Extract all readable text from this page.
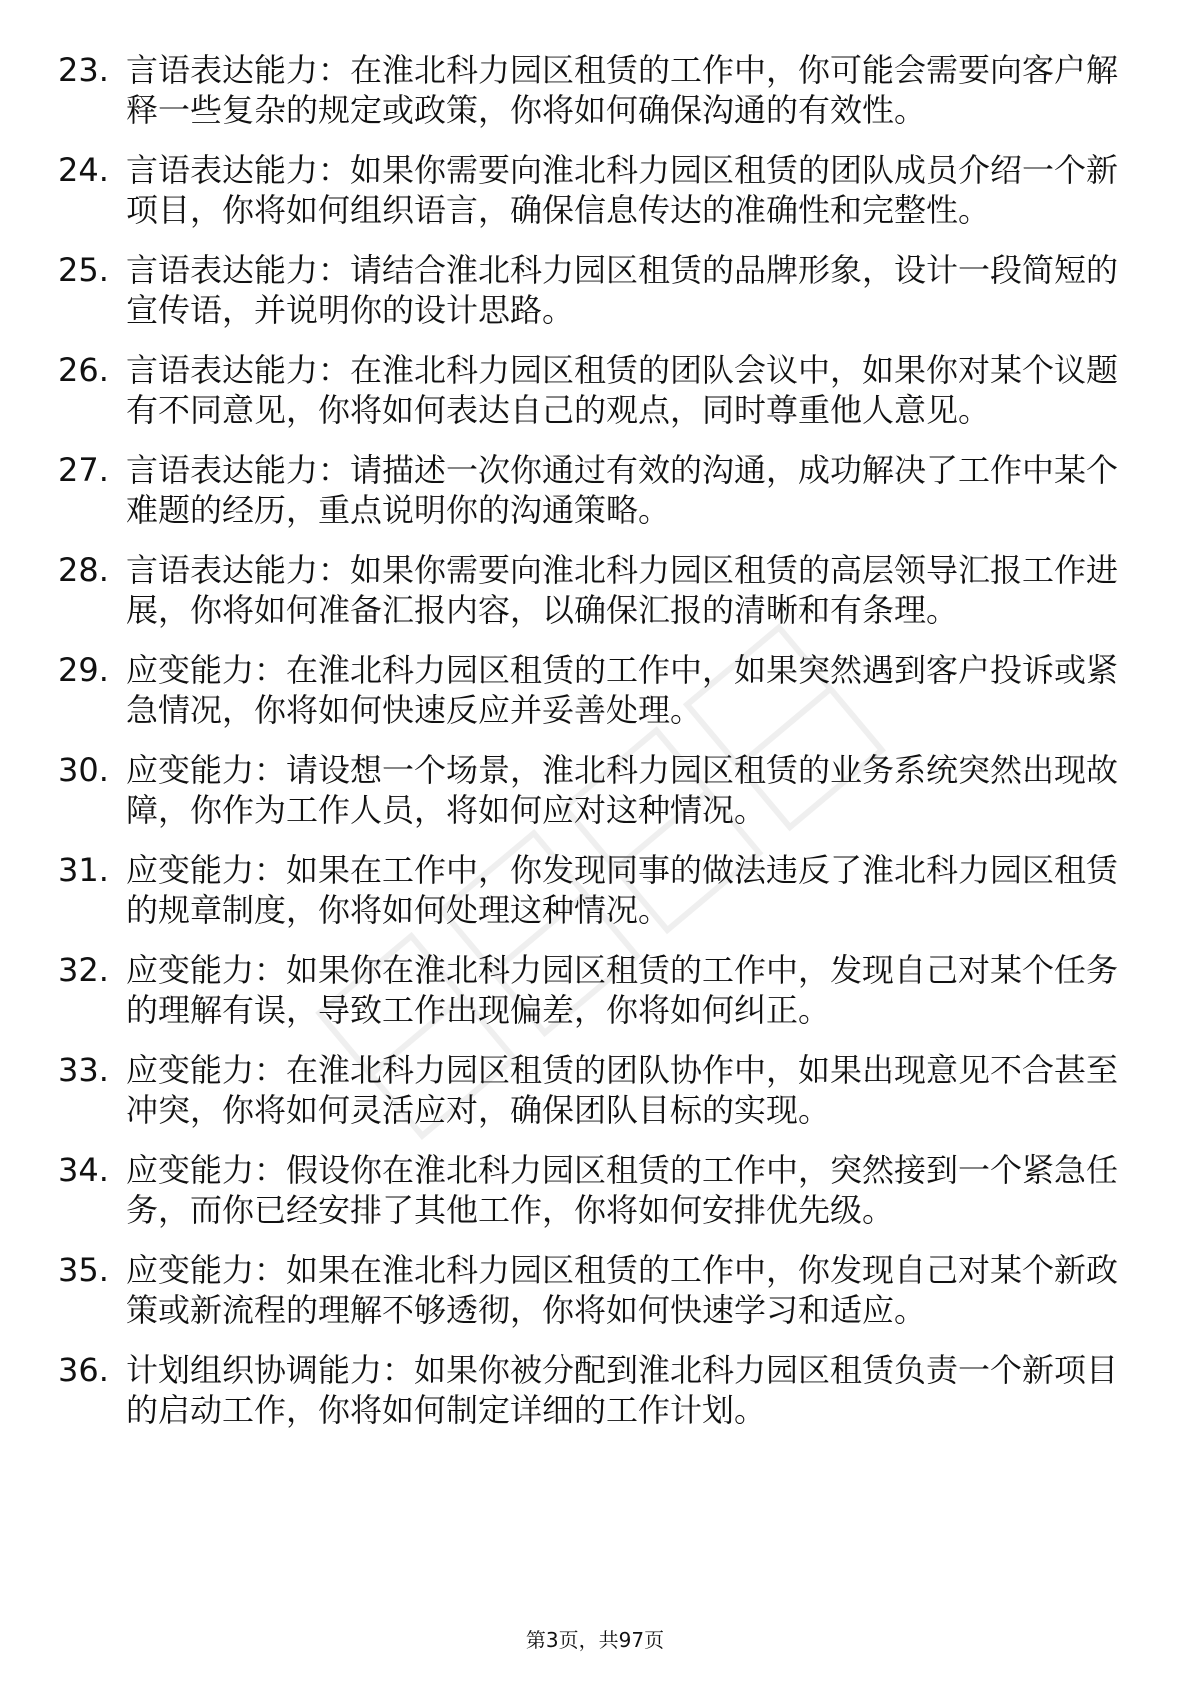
23. 言语表达能力：在淮北科力园区租赁的工作中，你可能会需要向客户解释一些复杂的规定或政策，你将如何确保沟通的有效性。
24. 言语表达能力：如果你需要向淮北科力园区租赁的团队成员介绍一个新项目，你将如何组织语言，确保信息传达的准确性和完整性。
25. 言语表达能力：请结合淮北科力园区租赁的品牌形象，设计一段简短的宣传语，并说明你的设计思路。
26. 言语表达能力：在淮北科力园区租赁的团队会议中，如果你对某个议题有不同意见，你将如何表达自己的观点，同时尊重他人意见。
27. 言语表达能力：请描述一次你通过有效的沟通，成功解决了工作中某个难题的经历，重点说明你的沟通策略。
28. 言语表达能力：如果你需要向淮北科力园区租赁的高层领导汇报工作进展，你将如何准备汇报内容，以确保汇报的清晰和有条理。
29. 应变能力：在淮北科力园区租赁的工作中，如果突然遇到客户投诉或紧急情况，你将如何快速反应并妥善处理。
30. 应变能力：请设想一个场景，淮北科力园区租赁的业务系统突然出现故障，你作为工作人员，将如何应对这种情况。
31. 应变能力：如果在工作中，你发现同事的做法违反了淮北科力园区租赁的规章制度，你将如何处理这种情况。
32. 应变能力：如果你在淮北科力园区租赁的工作中，发现自己对某个任务的理解有误，导致工作出现偏差，你将如何纠正。
33. 应变能力：在淮北科力园区租赁的团队协作中，如果出现意见不合甚至冲突，你将如何灵活应对，确保团队目标的实现。
34. 应变能力：假设你在淮北科力园区租赁的工作中，突然接到一个紧急任务，而你已经安排了其他工作，你将如何安排优先级。
35. 应变能力：如果在淮北科力园区租赁的工作中，你发现自己对某个新政策或新流程的理解不够透彻，你将如何快速学习和适应。
36. 计划组织协调能力：如果你被分配到淮北科力园区租赁负责一个新项目的启动工作，你将如何制定详细的工作计划。
第3页，共97页
